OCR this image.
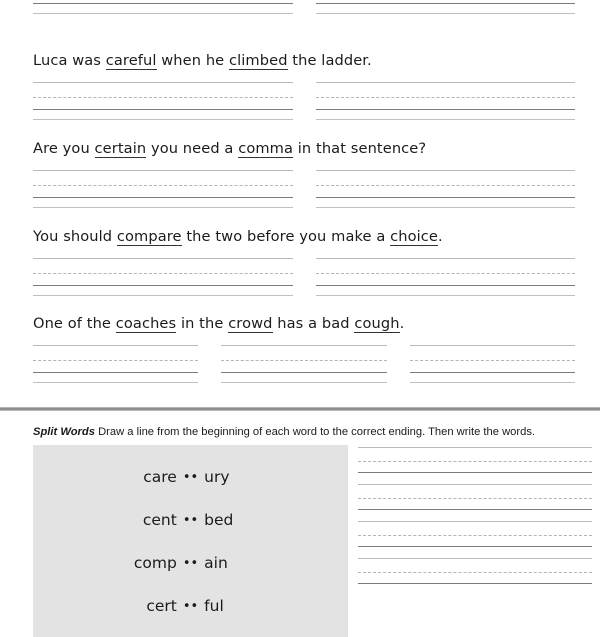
Luca was careful when he climbed the ladder.
Are you certain you need a comma in that sentence?
You should compare the two before you make a choice.
One of the coaches in the crowd has a bad cough.
Split Words Draw a line from the beginning of each word to the correct ending. Then write the words.
care • • ury
cent • • bed
comp • • ain
cert • • ful
